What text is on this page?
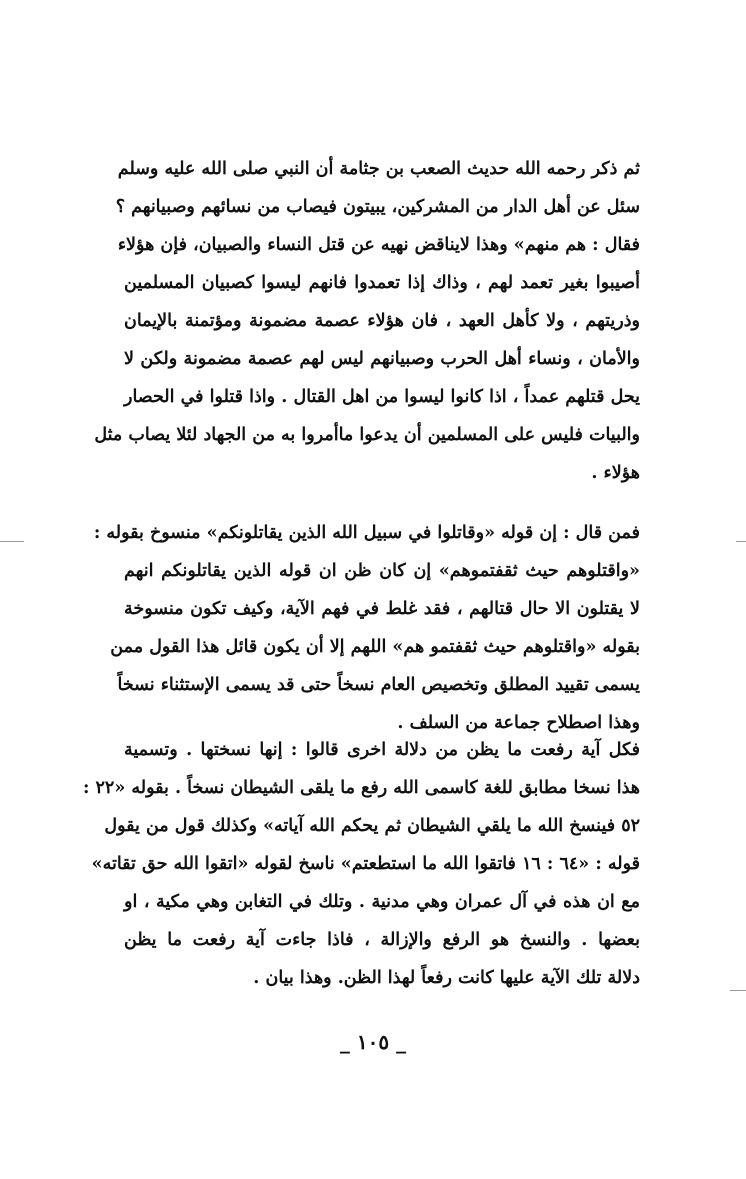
ثم ذكر رحمه الله حديث الصعب بن جثامة أن النبي صلى الله عليه وسلم
سئل عن أهل الدار من المشركين، يبيتون فيصاب من نسائهم وصبيانهم ؟
فقال : هم منهم» وهذا لايناقض نهيه عن قتل النساء والصبيان، فإن هؤلاء
أصيبوا بغير تعمد لهم ، وذاك إذا تعمدوا فانهم ليسوا كصبيان المسلمين
وذريتهم ، ولا كأهل العهد ، فان هؤلاء عصمة مضمونة ومؤتمنة بالإيمان
والأمان ، ونساء أهل الحرب وصبيانهم ليس لهم عصمة مضمونة ولكن لا
يحل قتلهم عمداً ، اذا كانوا ليسوا من اهل القتال . واذا قتلوا في الحصار
والبيات فليس على المسلمين أن يدعوا ماأمروا به من الجهاد لئلا يصاب مثل
هؤلاء .
فمن قال : إن قوله «وقاتلوا في سبيل الله الذين يقاتلونكم» منسوخ بقوله :
«واقتلوهم حيث ثقفتموهم» إن كان ظن ان قوله الذين يقاتلونكم انهم
لا يقتلون الا حال قتالهم ، فقد غلط في فهم الآية، وكيف تكون منسوخة
بقوله «واقتلوهم حيث ثقفتمو هم» اللهم إلا أن يكون قائل هذا القول ممن
يسمى تقييد المطلق وتخصيص العام نسخاً حتى قد يسمى الإستثناء نسخاً
وهذا اصطلاح جماعة من السلف .
فكل آية رفعت ما يظن من دلالة اخرى قالوا : إنها نسختها . وتسمية
هذا نسخا مطابق للغة كاسمى الله رفع ما يلقى الشيطان نسخاً . بقوله «٢٢ :
٥٢ فينسخ الله ما يلقي الشيطان ثم يحكم الله آياته» وكذلك قول من يقول
قوله : «٦٤ : ١٦ فاتقوا الله ما استطعتم» ناسخ لقوله «اتقوا الله حق تقاته»
مع ان هذه في آل عمران وهي مدنية . وتلك في التغابن وهي مكية ، او
بعضها . والنسخ هو الرفع والإزالة ، فاذا جاءت آية رفعت ما يظن
دلالة تلك الآية عليها كانت رفعاً لهذا الظن. وهذا بيان .
_ ١٠٥ _
